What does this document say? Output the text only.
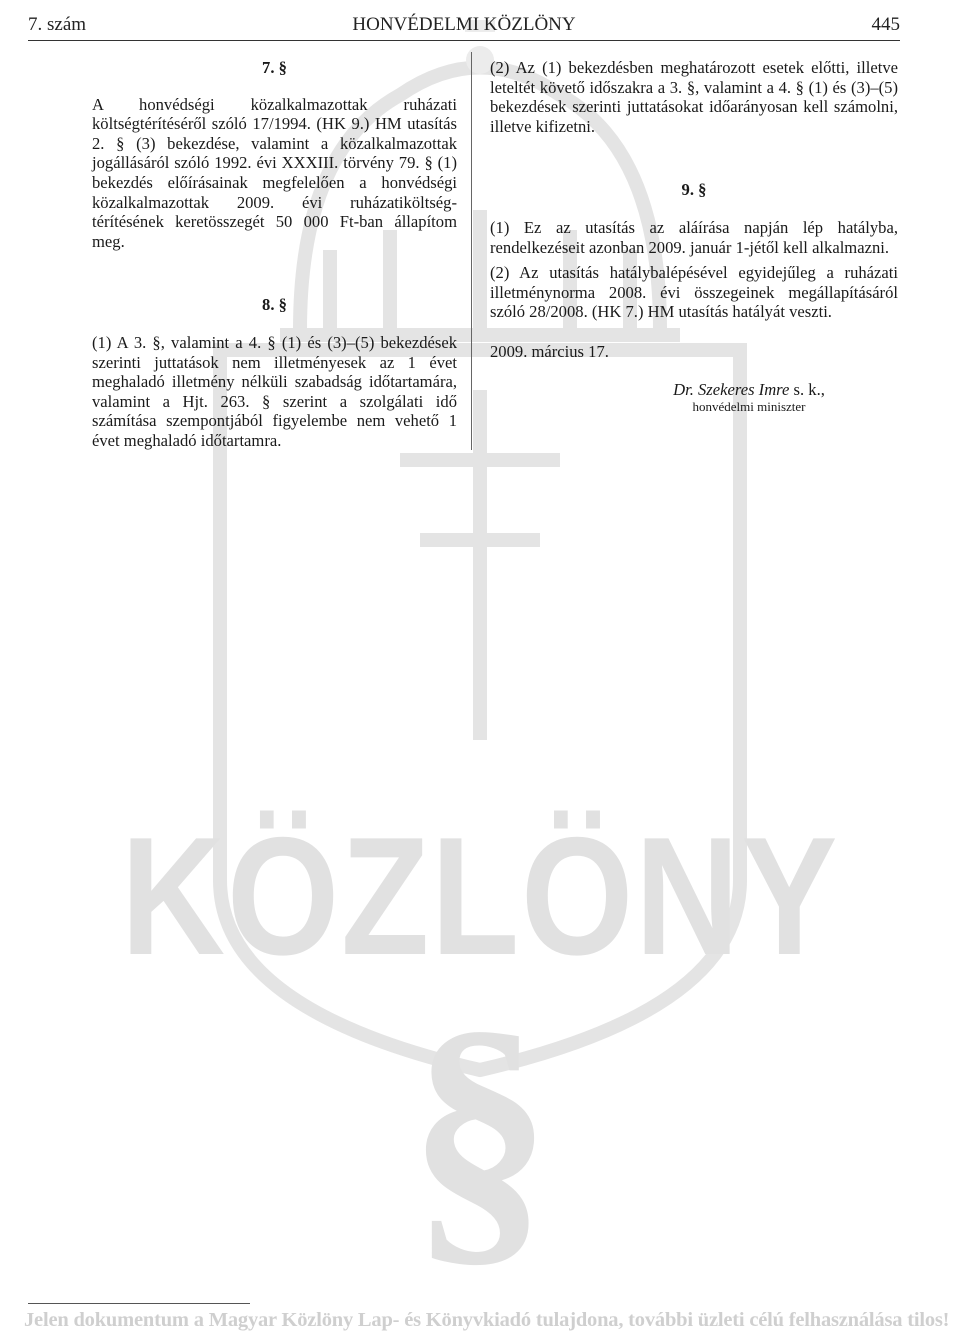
KÖZLÖNY
§
7. szám	HONVÉDELMI KÖZLÖNY	445

7. §

A honvédségi közalkalmazottak ruházati költségtérítéséről szóló 17/1994. (HK 9.) HM utasítás 2. § (3) bekezdése, valamint a közalkalmazottak jogállásáról szóló 1992. évi XXXIII. törvény 79. § (1) bekezdés előírásainak megfelelően a honvédségi közalkalmazottak 2009. évi ruházatiköltség-térítésének keretösszegét 50 000 Ft-ban állapítom meg.

8. §

(1) A 3. §, valamint a 4. § (1) és (3)–(5) bekezdések szerinti juttatások nem illetményesek az 1 évet meghaladó illetmény nélküli szabadság időtartamára, valamint a Hjt. 263. § szerint a szolgálati idő számítása szempontjából figyelembe nem vehető 1 évet meghaladó időtartamra.

(2) Az (1) bekezdésben meghatározott esetek előtti, illetve leteltét követő időszakra a 3. §, valamint a 4. § (1) és (3)–(5) bekezdések szerinti juttatásokat időarányosan kell számolni, illetve kifizetni.

9. §

(1) Ez az utasítás az aláírása napján lép hatályba, rendelkezéseit azonban 2009. január 1-jétől kell alkalmazni.

(2) Az utasítás hatálybalépésével egyidejűleg a ruházati illetménynorma 2008. évi összegeinek megállapításáról szóló 28/2008. (HK 7.) HM utasítás hatályát veszti.

2009. március 17.

Dr. Szekeres Imre s. k.,
honvédelmi miniszter
Jelen dokumentum a Magyar Közlöny Lap- és Könyvkiadó tulajdona, további üzleti célú felhasználása tilos!
